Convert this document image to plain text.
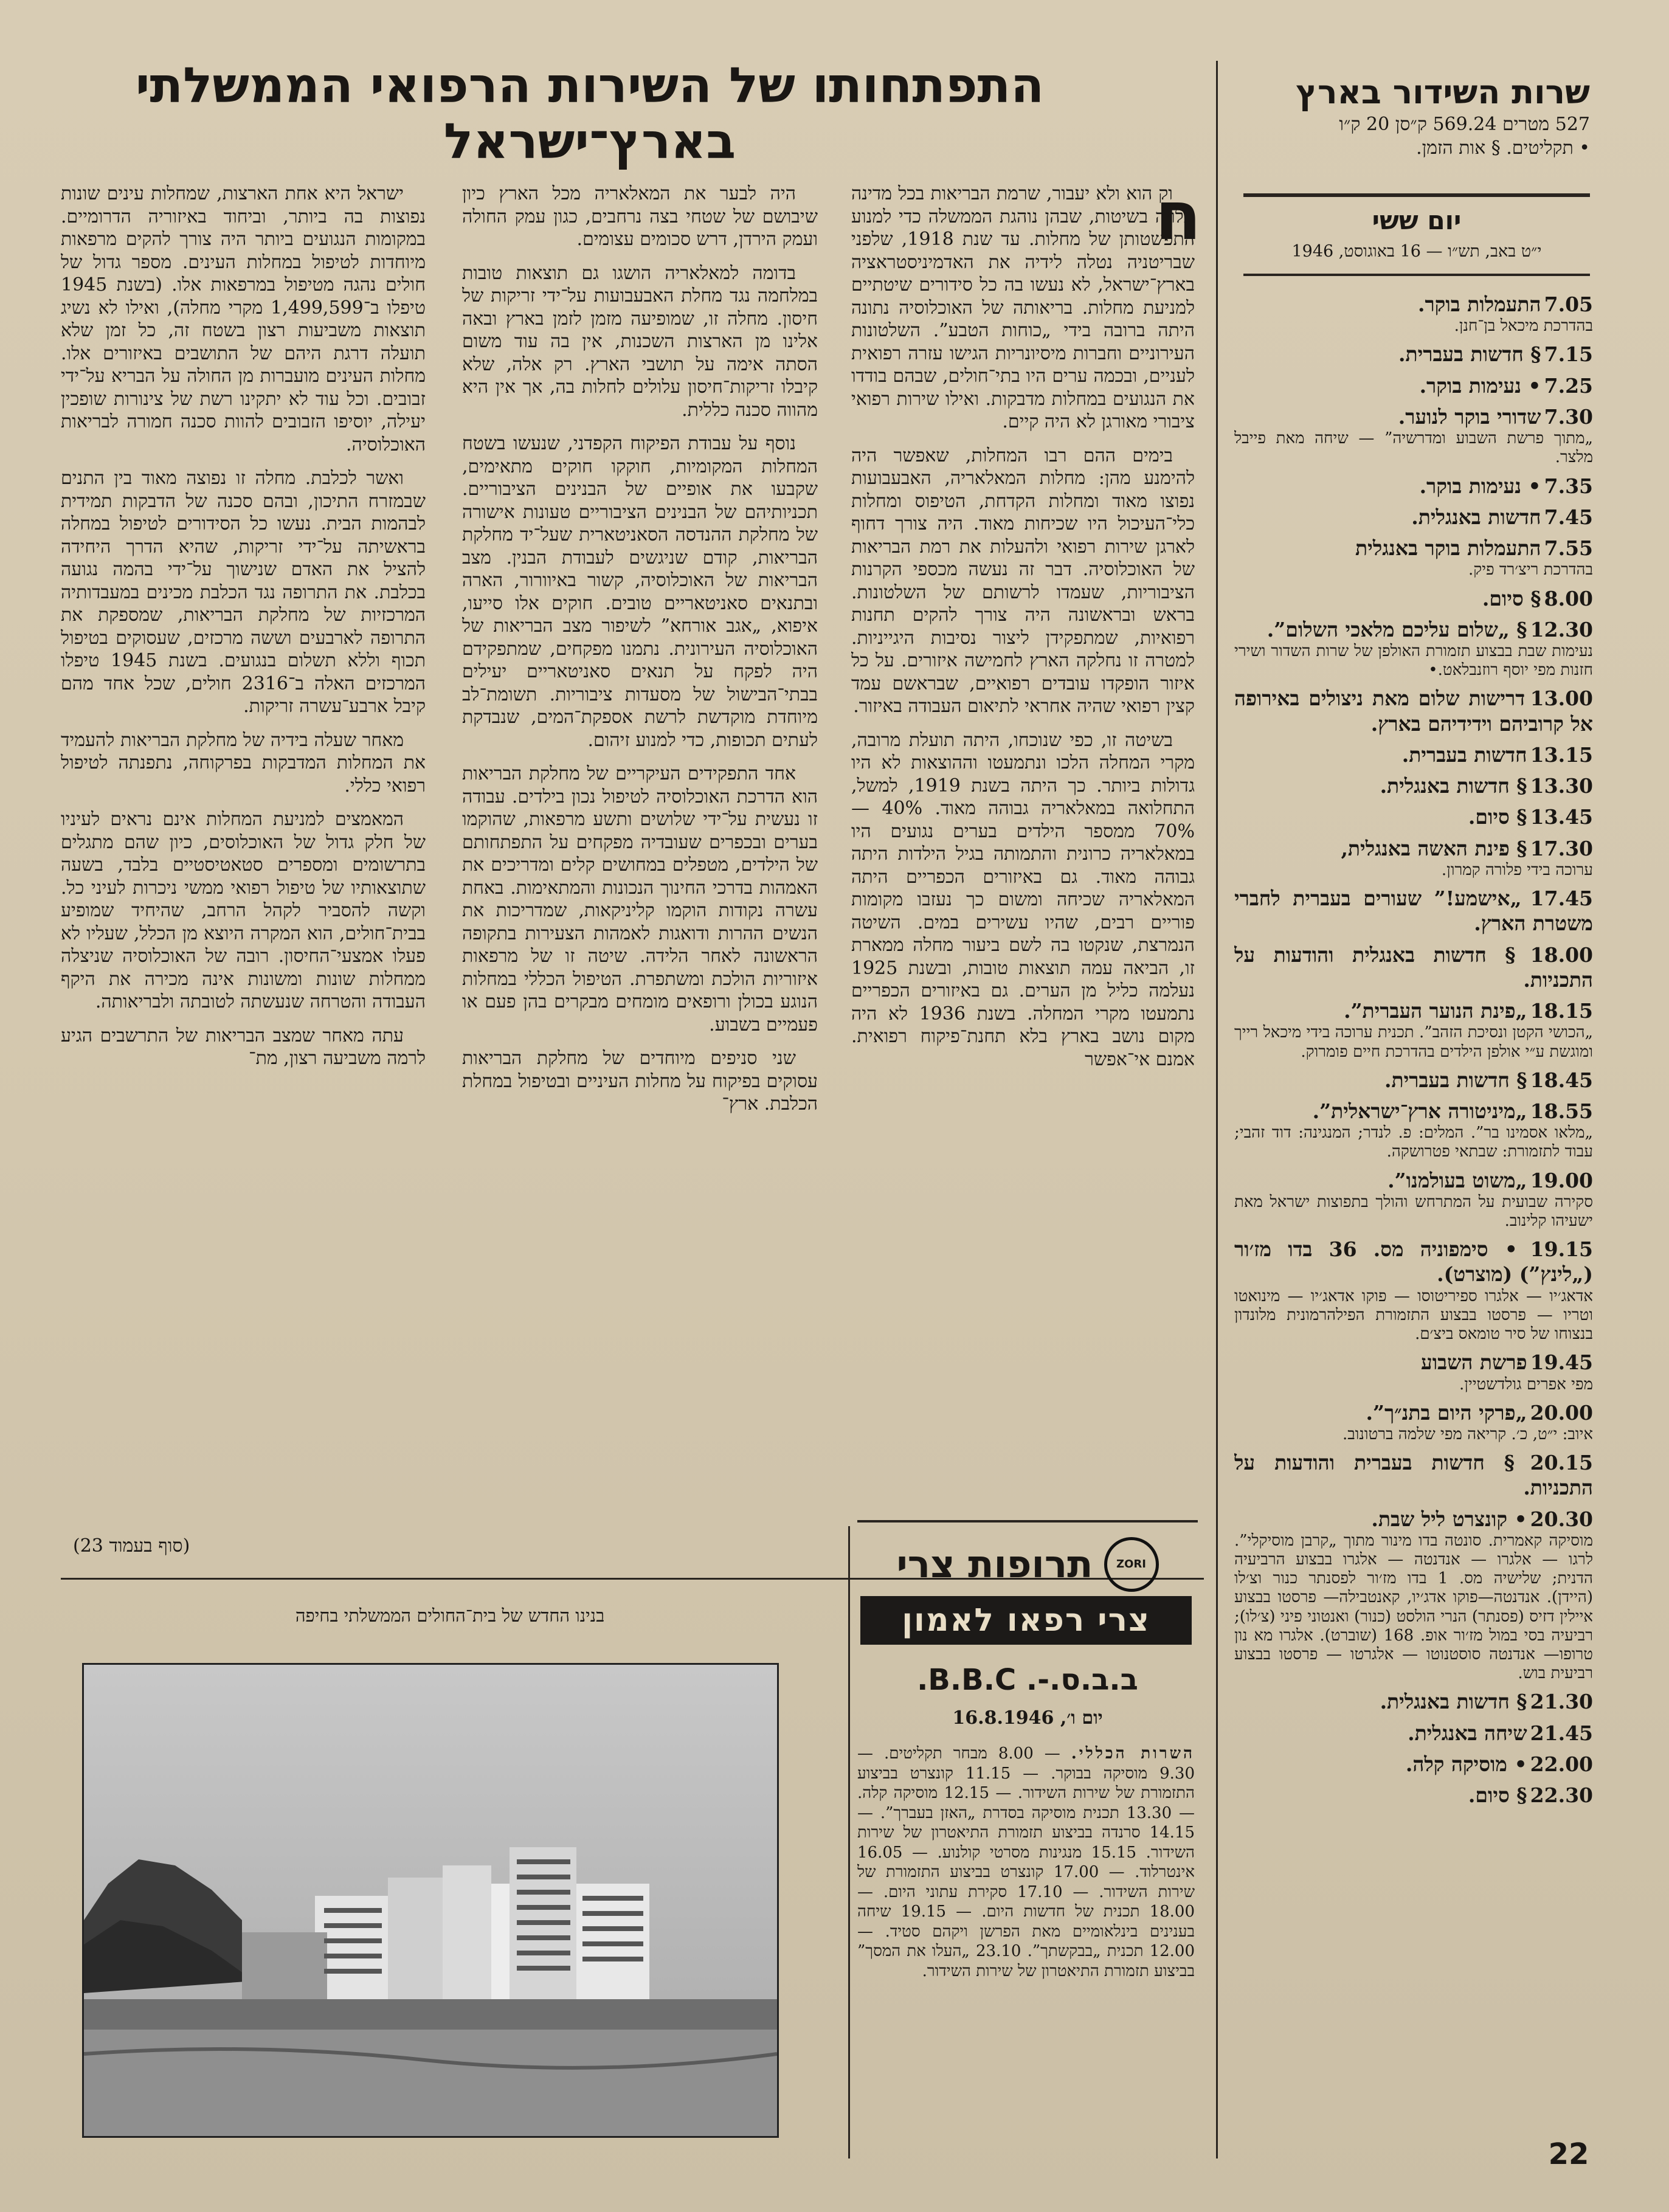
התפתחותו של השירות הרפואי הממשלתי
בארץ־ישראל
שרות השידור בארץ
527 מטרים 569.24 ק״סן 20 ק״ו
• תקליטים. § אות הזמן.
יום ששי
י״ט באב, תש״ו — 16 באוגוסט, 1946
7.05 התעמלות בוקר.
בהדרכת מיכאל בן־חנן.
7.15 § חדשות בעברית.
7.25 • נעימות בוקר.
7.30 שדורי בוקר לנוער.
„מתוך פרשת השבוע ומדרשיה” — שיחה מאת פייבל מלצר.
7.35 • נעימות בוקר.
7.45 חדשות באנגלית.
7.55 התעמלות בוקר באנגלית
בהדרכת ריצ׳רד פיק.
8.00 § סיום.
12.30 § „שלום עליכם מלאכי השלום”.
נעימות שבת בבצוע תזמורת האולפן של שרות השדור ושירי חזנות מפי יוסף רוזנבלאט.•
13.00 דרישות שלום מאת ניצולים באירופה אל קרוביהם וידידיהם בארץ.
13.15 חדשות בעברית.
13.30 § חדשות באנגלית.
13.45 § סיום.
17.30 § פינת האשה באנגלית,
ערוכה בידי פלורה קמרון.
17.45 „אישמע!” שעורים בעברית לחברי משטרת הארץ.
18.00 § חדשות באנגלית והודעות על התכניות.
18.15 „פינת הנוער העברית”.
„הכושי הקטן ונסיכת הזהב”. תכנית ערוכה בידי מיכאל רייך ומוגשת ע״י אולפן הילדים בהדרכת חיים פומרוק.
18.45 § חדשות בעברית.
18.55 „מיניטורה ארץ־ישראלית”.
„מלאו אסמינו בר”. המלים: פ. לנדר; המנגינה: דוד זהבי; עבוד לתזמורת: שבתאי פטרושקה.
19.00 „משוט בעולמנו”.
סקירה שבועית על המתרחש והולך בתפוצות ישראל מאת ישעיהו קלינוב.
19.15 • סימפוניה מס. 36 בדו מז׳ור („לינץ”) (מוצרט).
אדאג׳יו — אלגרו ספיריטוסו — פוקו אדאג׳יו — מינואטו וטריו — פרסטו בבצוע התזמורת הפילהרמונית מלונדון בנצוחו של סיר טומאס ביצ׳ם.
19.45 פרשת השבוע
מפי אפרים גולדשטיין.
20.00 „פרקי היום בתנ״ך”.
איוב: י״ט, כ׳. קריאה מפי שלמה ברטונוב.
20.15 § חדשות בעברית והודעות על התכניות.
20.30 • קונצרט ליל שבת.
מוסיקה קאמרית. סונטה בדו מינור מתוך „קרבן מוסיקלי”. לרגו — אלגרו — אנדנטה — אלגרו בבצוע הרביעיה הדנית; שלישיה מס. 1 בדו מז׳ור לפסנתר כנור וצ׳לו (היידן). אנדנטה—פוקו אדג׳יו, קאנטבילה— פרסטו בבצוע איילין דזיס (פסנתר) הנרי הולסט (כנור) ואנטוני פיני (צ׳לו); רביעיה בסי במול מז׳ור אופ. 168 (שוברט). אלגרו מא נון טרופו— אנדנטה סוסטנוטו — אלגרטו — פרסטו בבצוע רביעית בוש.
21.30 § חדשות באנגלית.
21.45 שיחה באנגלית.
22.00 • מוסיקה קלה.
22.30 § סיום.
ח

וק הוא ולא יעבור, שרמת הבריאות בכל מדינה תלויה בשיטות, שבהן נוהגת הממשלה כדי למנוע התפשטותן של מחלות. עד שנת 1918, שלפני שבריטניה נטלה לידיה את האדמיניסטראציה בארץ־ישראל, לא נעשו בה כל סידורים שיטתיים למניעת מחלות. בריאותה של האוכלוסיה נתונה היתה ברובה בידי „כוחות הטבע”. השלטונות העירוניים וחברות מיסיונריות הגישו עזרה רפואית לעניים, ובכמה ערים היו בתי־חולים, שבהם בודדו את הנגועים במחלות מדבקות. ואילו שירות רפואי ציבורי מאורגן לא היה קיים.

בימים ההם רבו המחלות, שאפשר היה להימנע מהן: מחלות המאלאריה, האבעבועות נפוצו מאוד ומחלות הקדחת, הטיפוס ומחלות כלי־העיכול היו שכיחות מאוד. היה צורך דחוף לארגן שירות רפואי ולהעלות את רמת הבריאות של האוכלוסיה. דבר זה נעשה מכספי הקרנות הציבוריות, שעמדו לרשותם של השלטונות. בראש ובראשונה היה צורך להקים תחנות רפואיות, שמתפקידן ליצור נסיבות היגייניות. למטרה זו נחלקה הארץ לחמישה איזורים. על כל איזור הופקדו עובדים רפואיים, שבראשם עמד קצין רפואי שהיה אחראי לתיאום העבודה באיזור.

בשיטה זו, כפי שנוכחו, היתה תועלת מרובה, מקרי המחלה הלכו ונתמעטו וההוצאות לא היו גדולות ביותר. כך היתה בשנת 1919, למשל, התחלואה במאלאריה גבוהה מאוד. 40% — 70% ממספר הילדים בערים נגועים היו במאלאריה כרונית והתמותה בגיל הילדות היתה גבוהה מאוד. גם באיזורים הכפריים היתה המאלאריה שכיחה ומשום כך נעזבו מקומות פוריים רבים, שהיו עשירים במים. השיטה הנמרצת, שנקטו בה לשם ביעור מחלה ממארת זו, הביאה עמה תוצאות טובות, ובשנת 1925 נעלמה כליל מן הערים. גם באיזורים הכפריים נתמעטו מקרי המחלה. בשנת 1936 לא היה מקום נושב בארץ בלא תחנת־פיקוח רפואית. אמנם אי־אפשר

היה לבער את המאלאריה מכל הארץ כיון שיבושם של שטחי בצה נרחבים, כגון עמק החולה ועמק הירדן, דרש סכומים עצומים.

בדומה למאלאריה הושגו גם תוצאות טובות במלחמה נגד מחלת האבעבועות על־ידי זריקות של חיסון. מחלה זו, שמופיעה מזמן לזמן בארץ ובאה אלינו מן הארצות השכנות, אין בה עוד משום הסתה אימה על תושבי הארץ. רק אלה, שלא קיבלו זריקות־חיסון עלולים לחלות בה, אך אין היא מהווה סכנה כללית.

נוסף על עבודת הפיקוח הקפדני, שנעשו בשטח המחלות המקומיות, חוקקו חוקים מתאימים, שקבעו את אופיים של הבנינים הציבוריים. תכניותיהם של הבנינים הציבוריים טעונות אישורה של מחלקת ההנדסה הסאניטארית שעל־יד מחלקת הבריאות, קודם שניגשים לעבודת הבנין. מצב הבריאות של האוכלוסיה, קשור באיוורור, הארה ובתנאים סאניטאריים טובים. חוקים אלו סייעו, איפוא, „אגב אורחא” לשיפור מצב הבריאות של האוכלוסיה העירונית. נתמנו מפקחים, שמתפקידם היה לפקח על תנאים סאניטאריים יעילים בבתי־הבישול של מסעדות ציבוריות. תשומת־לב מיוחדת מוקדשת לרשת אספקת־המים, שנבדקת לעתים תכופות, כדי למנוע זיהום.

אחד התפקידים העיקריים של מחלקת הבריאות הוא הדרכת האוכלוסיה לטיפול נכון בילדים. עבודה זו נעשית על־ידי שלושים ותשע מרפאות, שהוקמו בערים ובכפרים שעובדיה מפקחים על התפתחותם של הילדים, מטפלים במחושים קלים ומדריכים את האמהות בדרכי החינוך הנכונות והמתאימות. באחת עשרה נקודות הוקמו קליניקאות, שמדריכות את הנשים ההרות ודואגות לאמהות הצעירות בתקופה הראשונה לאחר הלידה. שיטה זו של מרפאות איזוריות הולכת ומשתפרת. הטיפול הכללי במחלות הנוגע בכולן ורופאים מומחים מבקרים בהן פעם או פעמיים בשבוע.

שני סניפים מיוחדים של מחלקת הבריאות עסוקים בפיקוח על מחלות העיניים ובטיפול במחלת הכלבת. ארץ־

ישראל היא אחת הארצות, שמחלות עינים שונות נפוצות בה ביותר, וביחוד באיזוריה הדרומיים. במקומות הנגועים ביותר היה צורך להקים מרפאות מיוחדות לטיפול במחלות העינים. מספר גדול של חולים נהגה מטיפול במרפאות אלו. (בשנת 1945 טיפלו ב־1,499,599 מקרי מחלה), ואילו לא נשיג תוצאות משביעות רצון בשטח זה, כל זמן שלא תועלה דרגת היהם של התושבים באיזורים אלו. מחלות העינים מועברות מן החולה על הבריא על־ידי זבובים. וכל עוד לא יתקינו רשת של צינורות שופכין יעילה, יוסיפו הזבובים להוות סכנה חמורה לבריאות האוכלוסיה.

ואשר לכלבת. מחלה זו נפוצה מאוד בין התנים שבמזרח התיכון, ובהם סכנה של הדבקות תמידית לבהמות הבית. נעשו כל הסידורים לטיפול במחלה בראשיתה על־ידי זריקות, שהיא הדרך היחידה להציל את האדם שנישוך על־ידי בהמה נגועה בכלבת. את התרופה נגד הכלבת מכינים במעבדותיה המרכזיות של מחלקת הבריאות, שמספקת את התרופה לארבעים וששה מרכזים, שעסוקים בטיפול תכוף וללא תשלום בנגועים. בשנת 1945 טיפלו המרכזים האלה ב־2316 חולים, שכל אחד מהם קיבל ארבע־עשרה זריקות.

מאחר שעלה בידיה של מחלקת הבריאות להעמיד את המחלות המדבקות בפרקוחה, נתפנתה לטיפול רפואי כללי.

המאמצים למניעת המחלות אינם נראים לעיניו של חלק גדול של האוכלוסים, כיון שהם מתגלים בתרשומים ומספרים סטאטיסטיים בלבד, בשעה שתוצאותיו של טיפול רפואי ממשי ניכרות לעיני כל. וקשה להסביר לקהל הרחב, שהיחיד שמופיע בבית־חולים, הוא המקרה היוצא מן הכלל, שעליו לא פעלו אמצעי־החיסון. רובה של האוכלוסיה שניצלה ממחלות שונות ומשונות אינה מכירה את היקף העבודה והטרחה שנעשתה לטובתה ולבריאותה.

עתה מאחר שמצב הבריאות של התרשבים הגיע לרמה משביעה רצון, מת־

(סוף בעמוד 23)
בנינו החדש של בית־החולים הממשלתי בחיפה
ZORI
תרופות צרי
צרי רפאו לאמון
ב.ב.ס.-. B.B.C.
יום ו׳, 16.8.1946
השרות הכללי. — 8.00 מבחר תקליטים. — 9.30 מוסיקה בבוקר. — 11.15 קונצרט בביצוע התזמורת של שירות השידור. — 12.15 מוסיקה קלה. — 13.30 תכנית מוסיקה בסדרת „האזן בעברך”. — 14.15 סרנדה בביצוע תזמורת התיאטרון של שירות השידור. 15.15 מנגינות מסרטי קולנוע. — 16.05 אינטרלוד. — 17.00 קונצרט בביצוע התזמורת של שירות השידור. — 17.10 סקירת עתוני היום. — 18.00 תכנית של חדשות היום. — 19.15 שיחה בענינים בינלאומיים מאת הפרשן ויקהם סטיד. — 12.00 תכנית „בבקשתך”. 23.10 „העלו את המסך” בביצוע תזמורת התיאטרון של שירות השידור.
22
